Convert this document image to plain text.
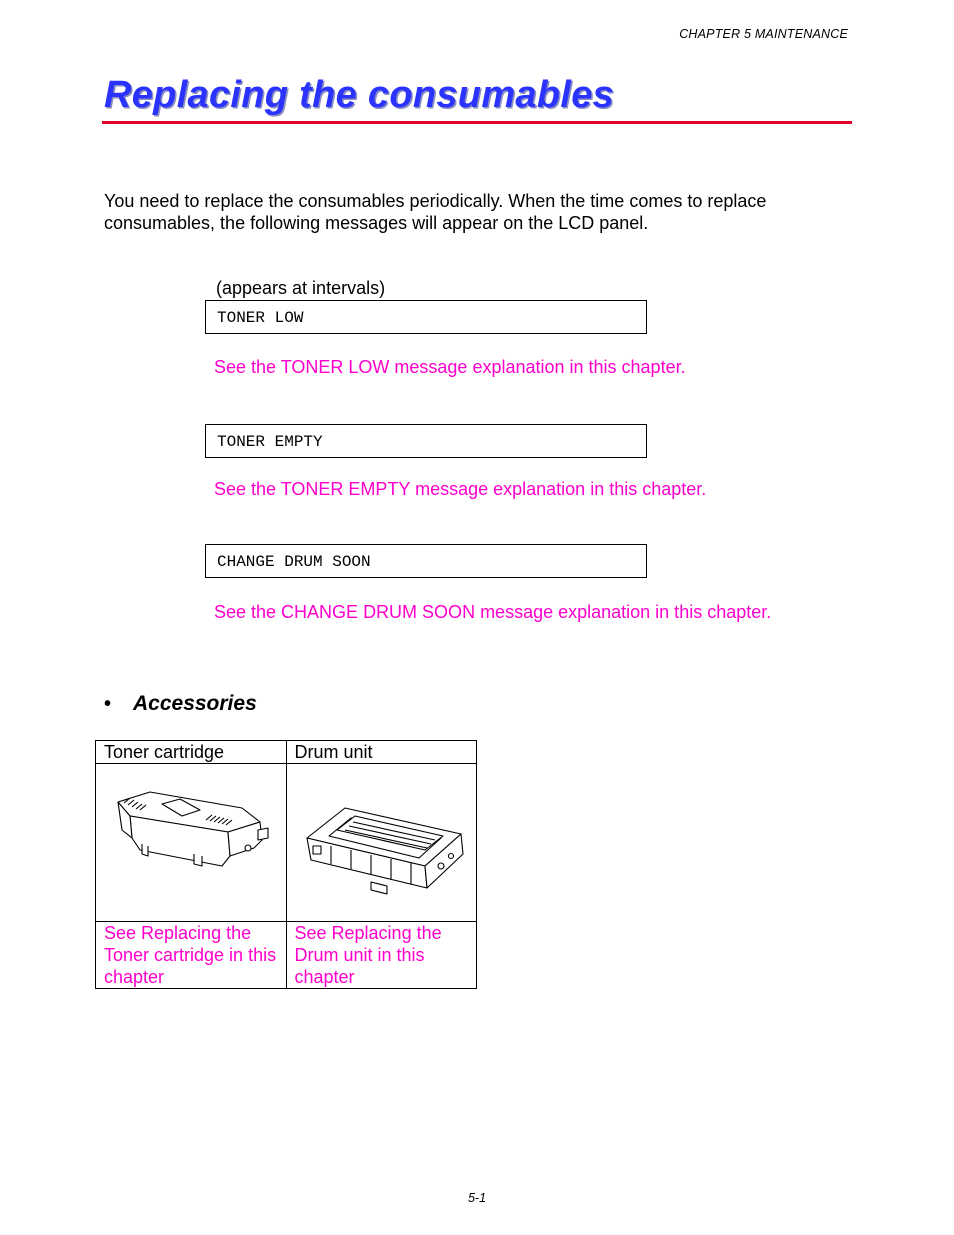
CHAPTER 5 MAINTENANCE
Replacing the consumables

You need to replace the consumables periodically. When the time comes to replace consumables, the following messages will appear on the LCD panel.

(appears at intervals)

TONER LOW

See the TONER LOW message explanation in this chapter.

TONER EMPTY

See the TONER EMPTY message explanation in this chapter.

CHANGE DRUM SOON

See the CHANGE DRUM SOON message explanation in this chapter.

• Accessories
Toner cartridge	Drum unit

See Replacing the Toner cartridge in this chapter	See Replacing the Drum unit in this chapter
5-1
